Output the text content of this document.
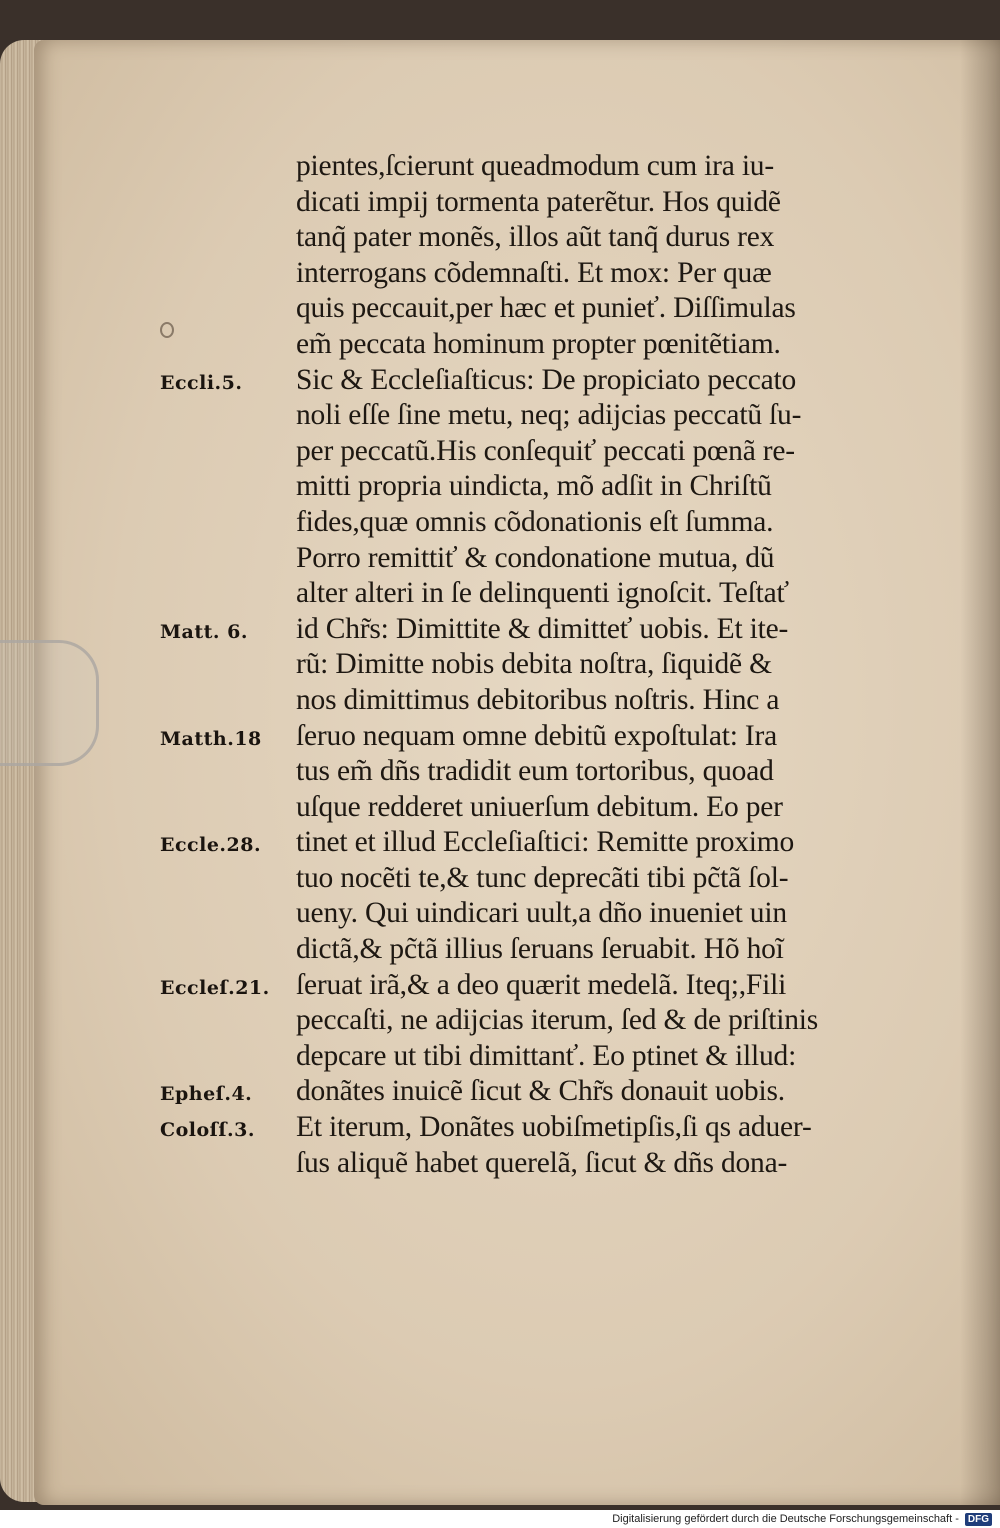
pientes,ſcierunt queadmodum cum ira iu-
dicati impij tormenta paterẽtur. Hos quidẽ
tanq̃ pater monẽs, illos aũt tanq̃ durus rex
interrogans cõdemnaſti. Et mox: Per quæ
quis peccauit,per hæc et punieť. Diſſimulas
em̃ peccata hominum propter pœnitẽtiam.
Eccli.5.	Sic & Eccleſiaſticus: De propiciato peccato
noli eſſe ſine metu, neq; adijcias peccatũ ſu-
per peccatũ.His conſequiť peccati pœnã re-
mitti propria uindicta, mõ adſit in Chriſtũ
fides,quæ omnis cõdonationis eſt ſumma.
Porro remittiť & condonatione mutua, dũ
alter alteri in ſe delinquenti ignoſcit. Teſtať
Matt. 6.	id Chr̃s: Dimittite & dimitteť uobis. Et ite-
rũ: Dimitte nobis debita noſtra, ſiquidẽ &
nos dimittimus debitoribus noſtris. Hinc a
Matth.18	ſeruo nequam omne debitũ expoſtulat: Ira
tus em̃ dñs tradidit eum tortoribus, quoad
uſque redderet uniuerſum debitum. Eo per
Eccle.28.	tinet et illud Eccleſiaſtici: Remitte proximo
tuo nocẽti te,& tunc deprecãti tibi pc̃tã ſol-
ueny. Qui uindicari uult,a dño inueniet uin
dictã,& pc̃tã illius ſeruans ſeruabit. Hõ hoĩ
Eccleſ.21. ſeruat irã,& a deo quærit medelã. Iteq;,Fili
peccaſti, ne adijcias iterum, ſed & de priſtinis
depcare ut tibi dimittanť. Eo ptinet & illud:
Epheſ.4.	donãtes inuicẽ ſicut & Chr̃s donauit uobis.
Coloſſ.3.	Et iterum, Donãtes uobiſmetipſis,ſi qs aduer-
ſus aliquẽ habet querelã, ſicut & dñs dona-
Digitalisierung gefördert durch die Deutsche Forschungsgemeinschaft - DFG
